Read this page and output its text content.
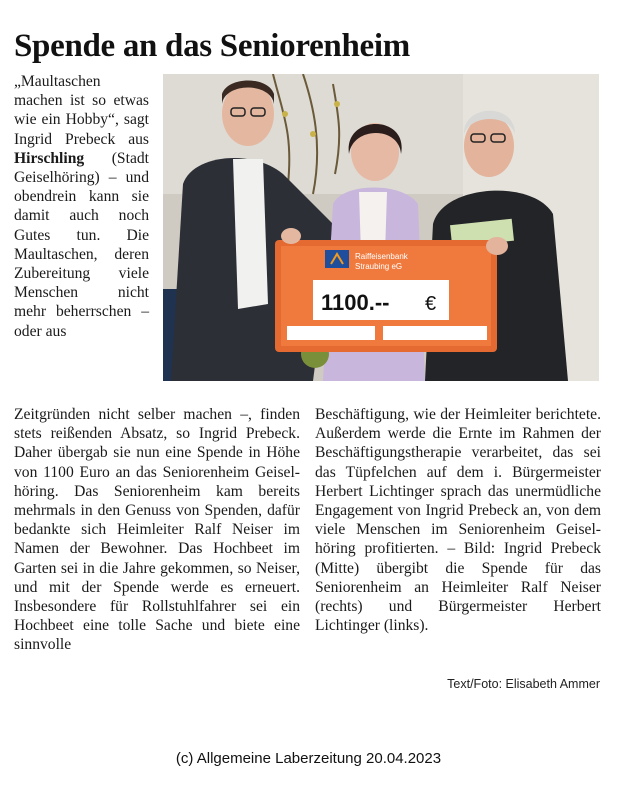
Spende an das Seniorenheim

„Maultaschen machen ist so etwas wie ein Hobby“, sagt Ingrid Prebeck aus Hirschling (Stadt Geiselhöring) – und obendrein kann sie damit auch noch Gutes tun. Die Maultaschen, deren Zubereitung viele Menschen nicht mehr beherrschen – oder aus

Raiffeisenbank
Straubing eG
1100.-- €

Zeitgründen nicht selber machen –, finden stets reißenden Absatz, so Ingrid Prebeck. Daher übergab sie nun eine Spende in Höhe von 1100 Euro an das Seniorenheim Geiselhöring. Das Seniorenheim kam bereits mehrmals in den Genuss von Spenden, dafür bedankte sich Heimleiter Ralf Neiser im Namen der Bewohner. Das Hochbeet im Garten sei in die Jahre gekommen, so Neiser, und mit der Spende werde es erneuert. Insbesondere für Rollstuhlfahrer sei ein Hochbeet eine tolle Sache und biete eine sinnvolle

Beschäftigung, wie der Heimleiter berichtete. Außerdem werde die Ernte im Rahmen der Beschäftigungstherapie verarbeitet, das sei das Tüpfelchen auf dem i. Bürgermeister Herbert Lichtinger sprach das unermüdliche Engagement von Ingrid Prebeck an, von dem viele Menschen im Seniorenheim Geiselhöring profitierten. – Bild: Ingrid Prebeck (Mitte) übergibt die Spende für das Seniorenheim an Heimleiter Ralf Neiser (rechts) und Bürgermeister Herbert Lichtinger (links).

Text/Foto: Elisabeth Ammer
(c) Allgemeine Laberzeitung 20.04.2023
